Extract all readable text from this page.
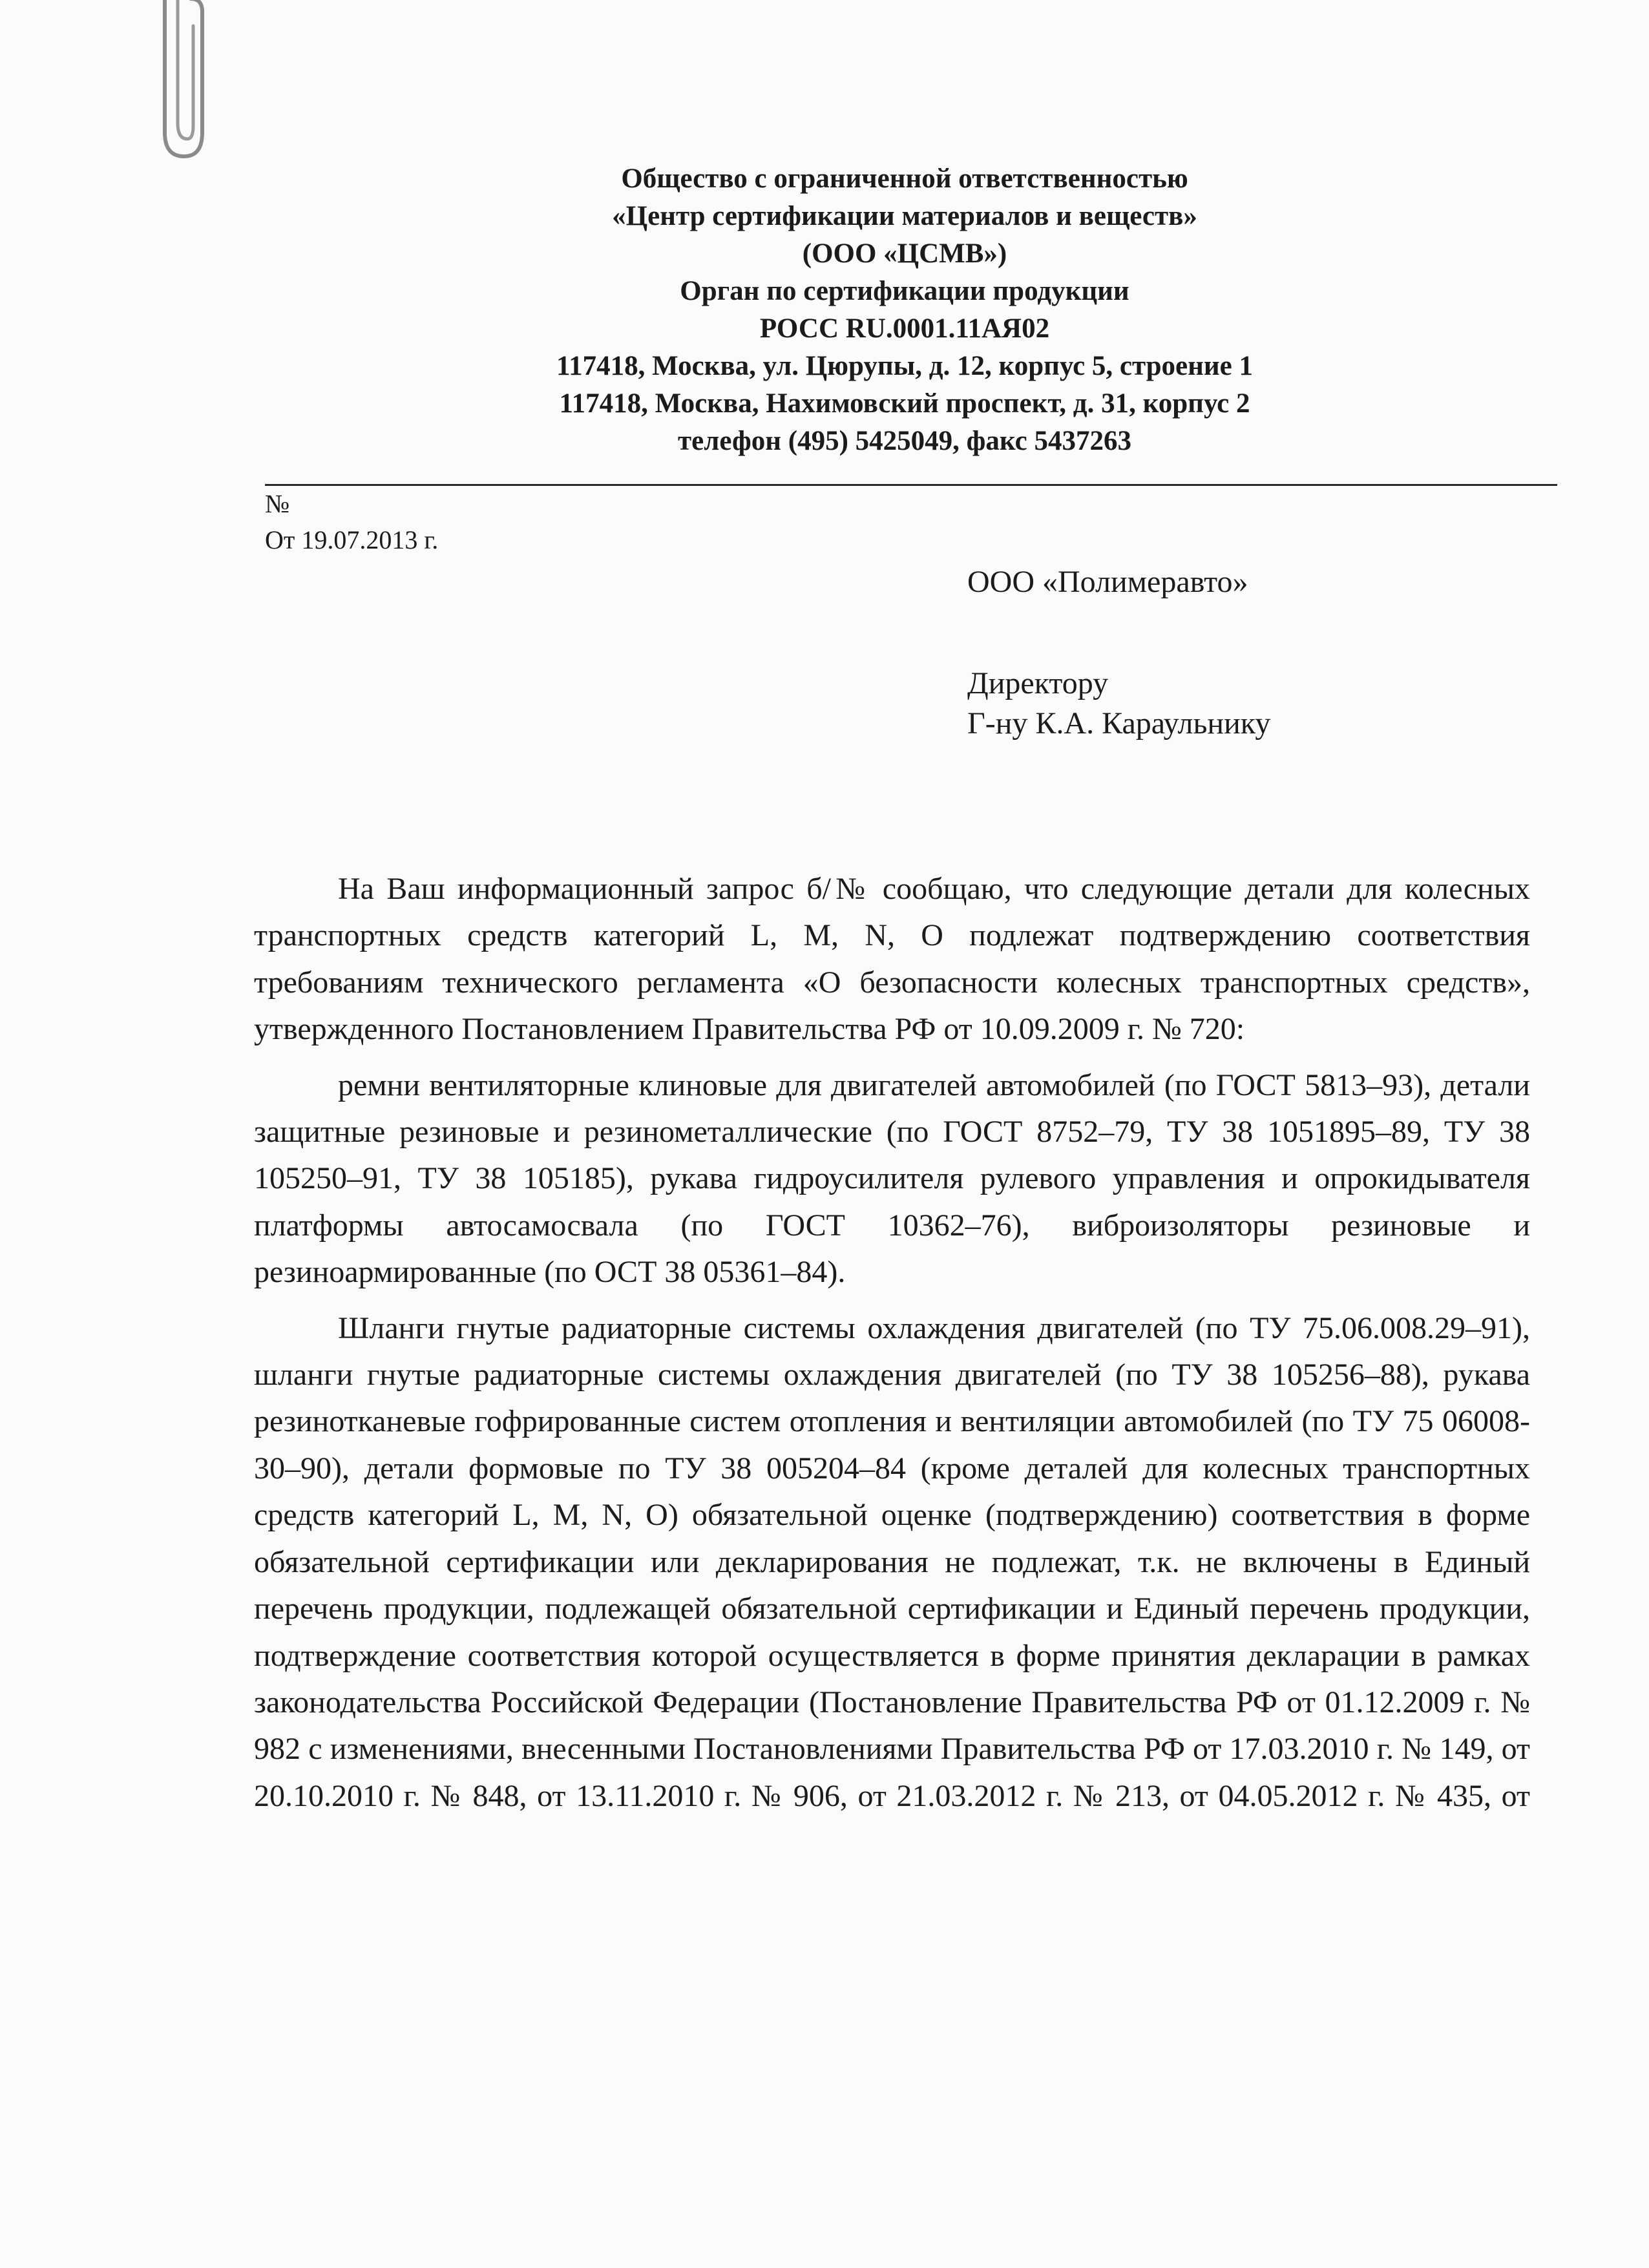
Общество с ограниченной ответственностью
«Центр сертификации материалов и веществ»
(ООО «ЦСМВ»)
Орган по сертификации продукции
РОСС RU.0001.11АЯ02
117418, Москва, ул. Цюрупы, д. 12, корпус 5, строение 1
117418, Москва, Нахимовский проспект, д. 31, корпус 2
телефон (495) 5425049, факс 5437263
№
От 19.07.2013 г.
ООО «Полимеравто»
Директору
Г-ну К.А. Караульнику

На Ваш информационный запрос б/№ сообщаю, что следующие детали для колесных транспортных средств категорий L, M, N, O подлежат подтверждению соответствия требованиям технического регламента «О безопасности колесных транспортных средств», утвержденного Постановлением Правительства РФ от 10.09.2009 г. № 720:

ремни вентиляторные клиновые для двигателей автомобилей (по ГОСТ 5813–93), детали защитные резиновые и резинометаллические (по ГОСТ 8752–79, ТУ 38 1051895–89, ТУ 38 105250–91, ТУ 38 105185), рукава гидроусилителя рулевого управления и опрокидывателя платформы автосамосвала (по ГОСТ 10362–76), виброизоляторы резиновые и резиноармированные (по ОСТ 38 05361–84).

Шланги гнутые радиаторные системы охлаждения двигателей (по ТУ 75.06.008.29–91), шланги гнутые радиаторные системы охлаждения двигателей (по ТУ 38 105256–88), рукава резинотканевые гофрированные систем отопления и вентиляции автомобилей (по ТУ 75 06008-30–90), детали формовые по ТУ 38 005204–84 (кроме деталей для колесных транспортных средств категорий L, M, N, O) обязательной оценке (подтверждению) соответствия в форме обязательной сертификации или декларирования не подлежат, т.к. не включены в Единый перечень продукции, подлежащей обязательной сертификации и Единый перечень продукции, подтверждение соответствия которой осуществляется в форме принятия декларации в рамках законодательства Российской Федерации (Постановление Правительства РФ от 01.12.2009 г. № 982 с изменениями, внесенными Постановлениями Правительства РФ от 17.03.2010 г. № 149, от 20.10.2010 г. № 848, от 13.11.2010 г. № 906, от 21.03.2012 г. № 213, от 04.05.2012 г. № 435, от
